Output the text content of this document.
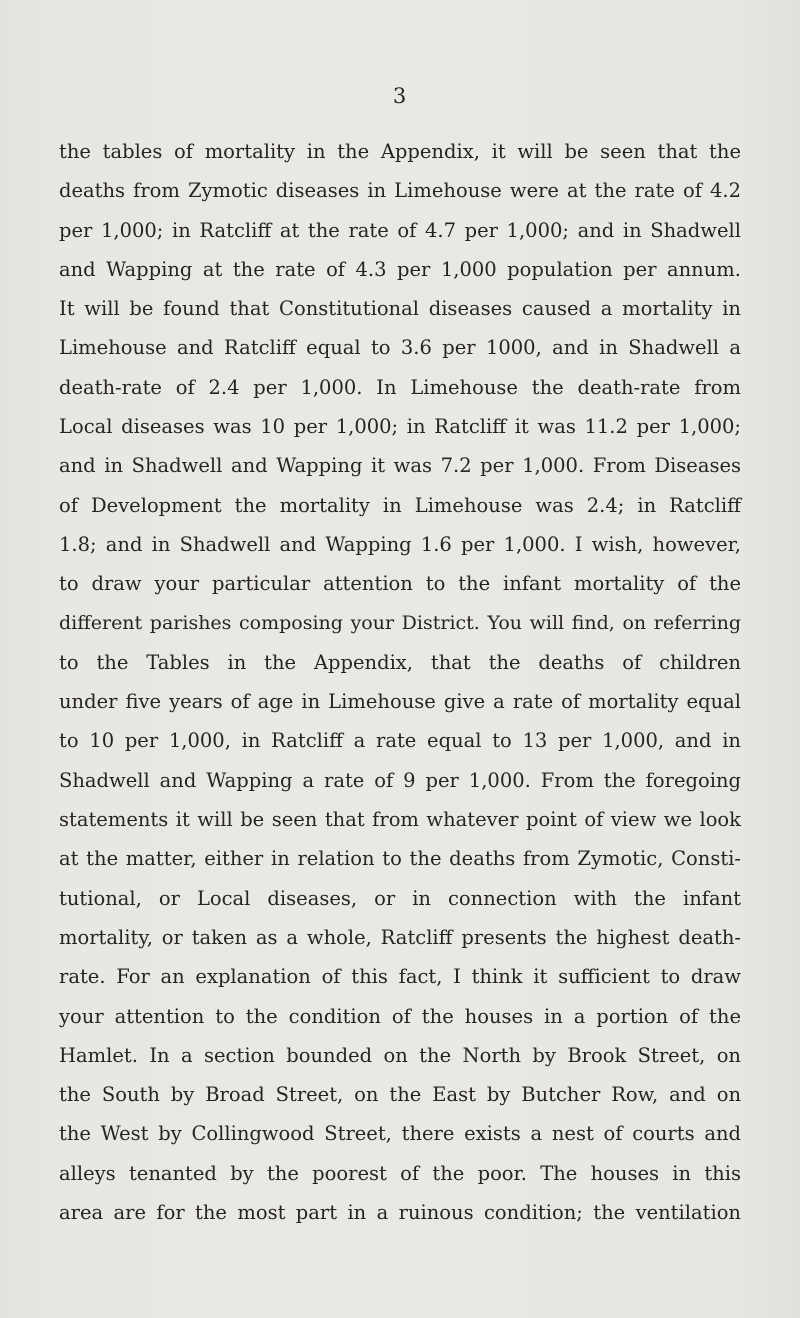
3
the tables of mortality in the Appendix, it will be seen that the
deaths from Zymotic diseases in Limehouse were at the rate of 4.2
per 1,000; in Ratcliff at the rate of 4.7 per 1,000; and in Shadwell
and Wapping at the rate of 4.3 per 1,000 population per annum.
It will be found that Constitutional diseases caused a mortality in
Limehouse and Ratcliff equal to 3.6 per 1000, and in Shadwell a
death-rate of 2.4 per 1,000. In Limehouse the death-rate from
Local diseases was 10 per 1,000; in Ratcliff it was 11.2 per 1,000;
and in Shadwell and Wapping it was 7.2 per 1,000. From Diseases
of Development the mortality in Limehouse was 2.4; in Ratcliff
1.8; and in Shadwell and Wapping 1.6 per 1,000. I wish, however,
to draw your particular attention to the infant mortality of the
different parishes composing your District. You will find, on referring
to the Tables in the Appendix, that the deaths of children
under five years of age in Limehouse give a rate of mortality equal
to 10 per 1,000, in Ratcliff a rate equal to 13 per 1,000, and in
Shadwell and Wapping a rate of 9 per 1,000. From the foregoing
statements it will be seen that from whatever point of view we look
at the matter, either in relation to the deaths from Zymotic, Consti-
tutional, or Local diseases, or in connection with the infant
mortality, or taken as a whole, Ratcliff presents the highest death-
rate. For an explanation of this fact, I think it sufficient to draw
your attention to the condition of the houses in a portion of the
Hamlet. In a section bounded on the North by Brook Street, on
the South by Broad Street, on the East by Butcher Row, and on
the West by Collingwood Street, there exists a nest of courts and
alleys tenanted by the poorest of the poor. The houses in this
area are for the most part in a ruinous condition; the ventilation
